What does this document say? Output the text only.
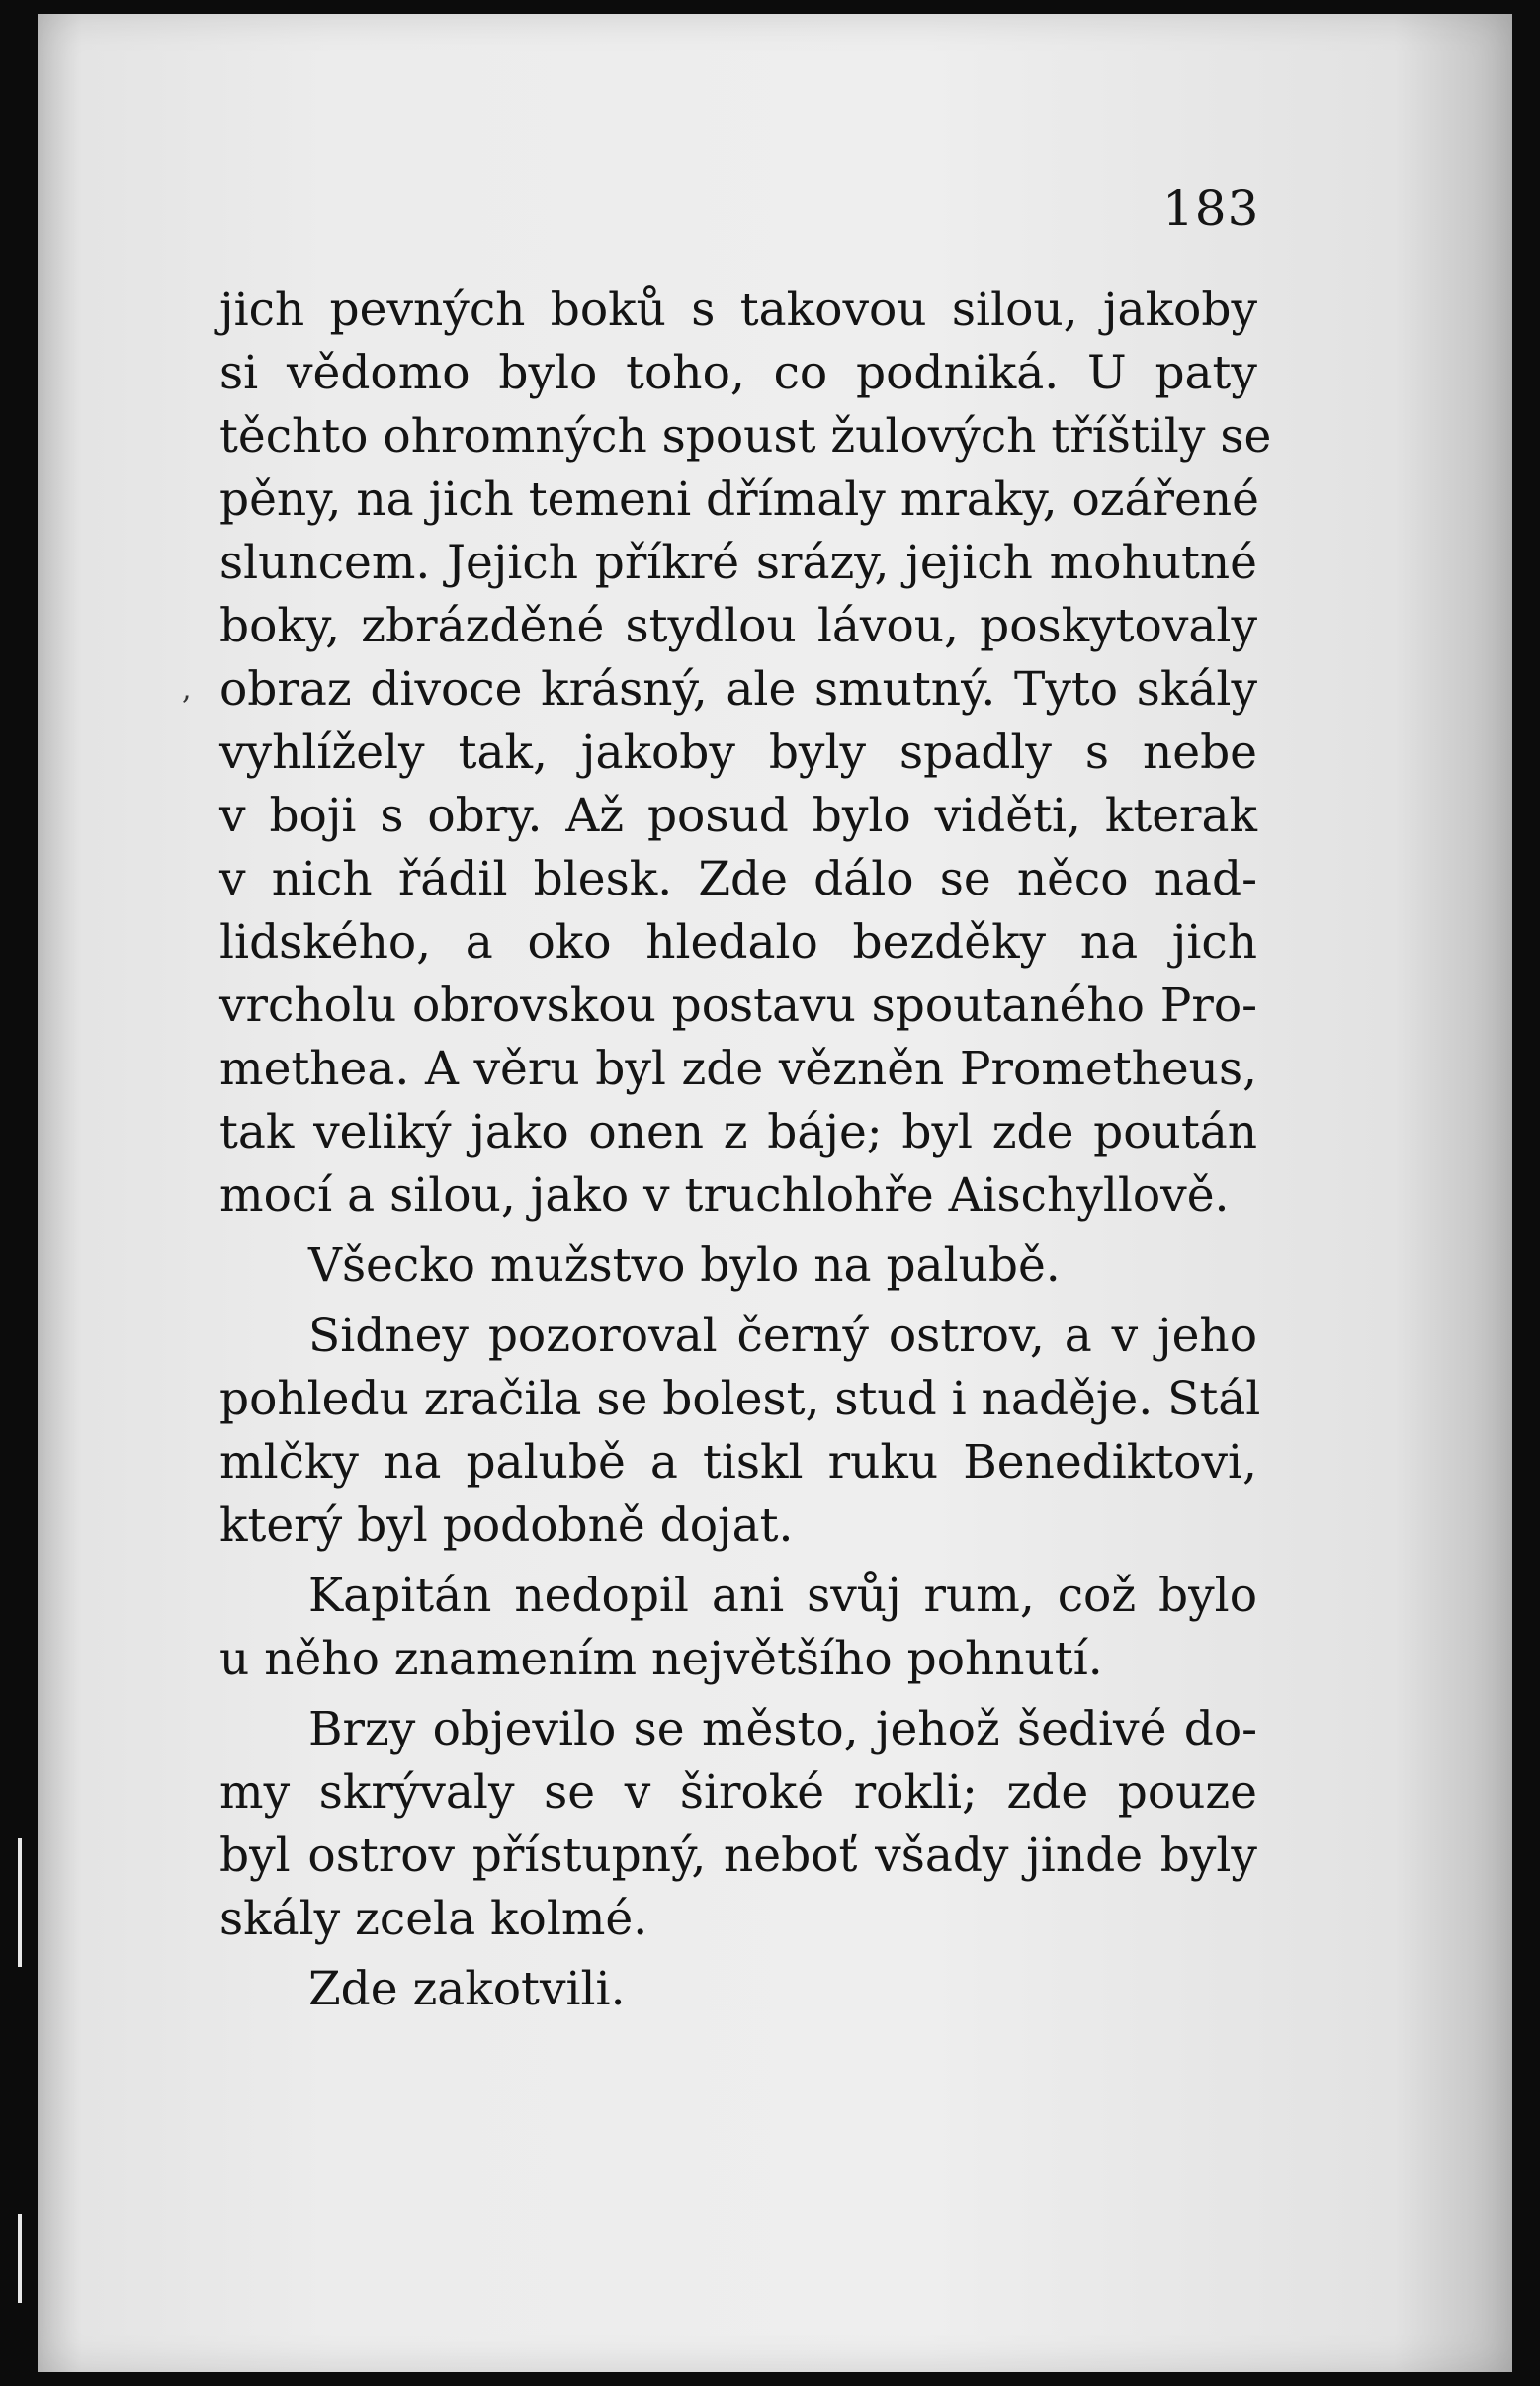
183
,
jich pevných boků s takovou silou, jakoby
si vědomo bylo toho, co podniká. U paty
těchto ohromných spoust žulových tříštily se
pěny, na jich temeni dřímaly mraky, ozářené
sluncem. Jejich příkré srázy, jejich mohutné
boky, zbrázděné stydlou lávou, poskytovaly
obraz divoce krásný, ale smutný. Tyto skály
vyhlížely tak, jakoby byly spadly s nebe
v boji s obry. Až posud bylo viděti, kterak
v nich řádil blesk. Zde dálo se něco nad-
lidského, a oko hledalo bezděky na jich
vrcholu obrovskou postavu spoutaného Pro-
methea. A věru byl zde vězněn Prometheus,
tak veliký jako onen z báje; byl zde poután
mocí a silou, jako v truchlohře Aischyllově.
Všecko mužstvo bylo na palubě.
Sidney pozoroval černý ostrov, a v jeho
pohledu zračila se bolest, stud i naděje. Stál
mlčky na palubě a tiskl ruku Benediktovi,
který byl podobně dojat.
Kapitán nedopil ani svůj rum, což bylo
u něho znamením největšího pohnutí.
Brzy objevilo se město, jehož šedivé do-
my skrývaly se v široké rokli; zde pouze
byl ostrov přístupný, neboť všady jinde byly
skály zcela kolmé.
Zde zakotvili.
